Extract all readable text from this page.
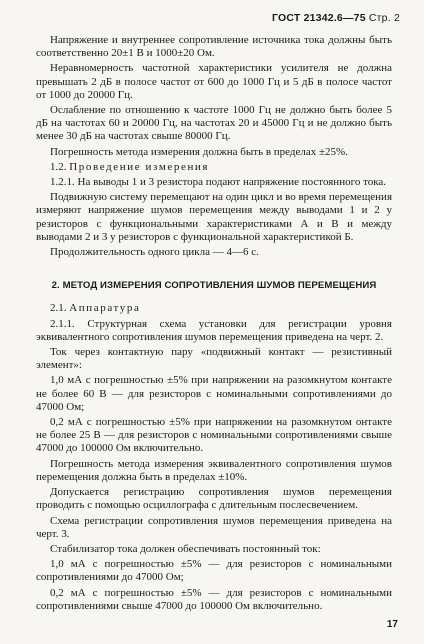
ГОСТ 21342.6—75 Стр. 2

Напряжение и внутреннее сопротивление источника тока должны быть соответственно 20±1 В и 1000±20 Ом.

Неравномерность частотной характеристики усилителя не должна превышать 2 дБ в полосе частот от 600 до 1000 Гц и 5 дБ в полосе частот от 1000 до 20000 Гц.

Ослабление по отношению к частоте 1000 Гц не должно быть более 5 дБ на частотах 60 и 20000 Гц, на частотах 20 и 45000 Гц и не должно быть менее 30 дБ на частотах свыше 80000 Гц.

Погрешность метода измерения должна быть в пределах ±25%.

1.2. Проведение измерения

1.2.1. На выводы 1 и 3 резистора подают напряжение постоянного тока.

Подвижную систему перемещают на один цикл и во время перемещения измеряют напряжение шумов перемещения между выводами 1 и 2 у резисторов с функциональными характеристиками А и В и между выводами 2 и 3 у резисторов с функциональной характеристикой Б.

Продолжительность одного цикла — 4—6 с.

2. МЕТОД ИЗМЕРЕНИЯ СОПРОТИВЛЕНИЯ ШУМОВ ПЕРЕМЕЩЕНИЯ

2.1. Аппаратура

2.1.1. Структурная схема установки для регистрации уровня эквивалентного сопротивления шумов перемещения приведена на черт. 2.

Ток через контактную пару «подвижный контакт — резистивный элемент»:

1,0 мА с погрешностью ±5% при напряжении на разомкнутом контакте не более 60 В — для резисторов с номинальными сопротивлениями до 47000 Ом;

0,2 мА с погрешностью ±5% при напряжении на разомкнутом онтакте не более 25 В — для резисторов с номинальными сопротивлениями свыше 47000 до 100000 Ом включительно.

Погрешность метода измерения эквивалентного сопротивления шумов перемещения должна быть в пределах ±10%.

Допускается регистрацию сопротивления шумов перемещения проводить с помощью осциллографа с длительным послесвечением.

Схема регистрации сопротивления шумов перемещения приведена на черт. 3.

Стабилизатор тока должен обеспечивать постоянный ток:

1,0 мА с погрешностью ±5% — для резисторов с номинальными сопротивлениями до 47000 Ом;

0,2 мА с погрешностью ±5% — для резисторов с номинальными сопротивлениями свыше 47000 до 100000 Ом включительно.

17
